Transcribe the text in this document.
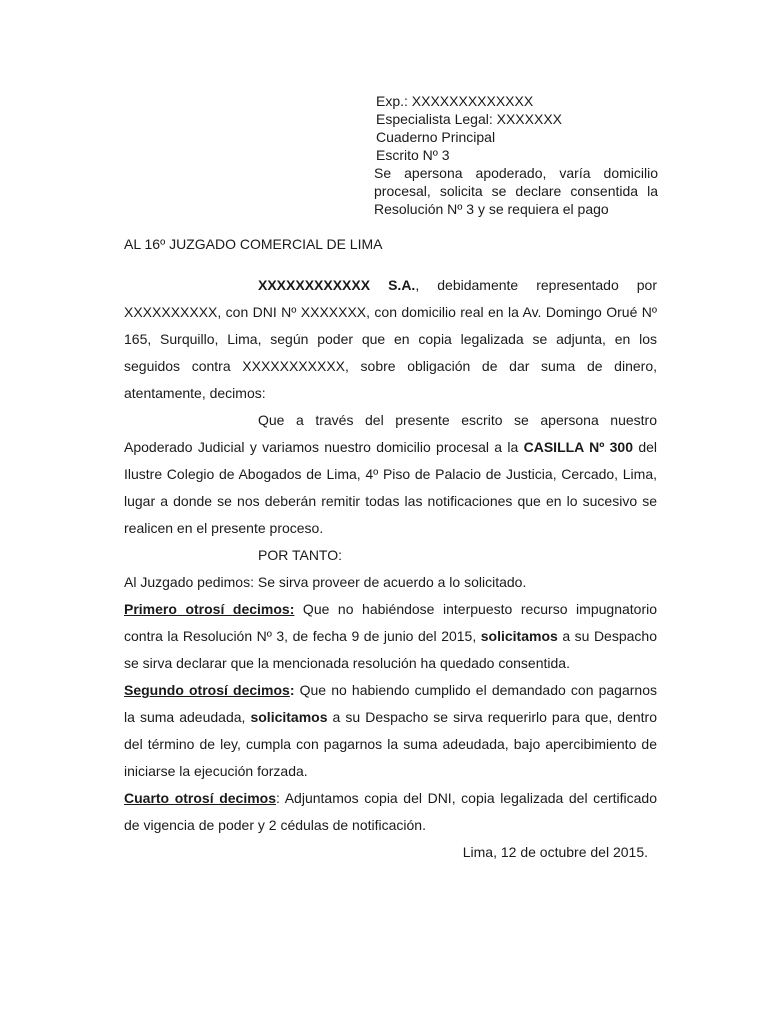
Exp.: XXXXXXXXXXXXX
Especialista Legal: XXXXXXX
Cuaderno Principal
Escrito Nº 3
Se apersona apoderado, varía domicilio procesal, solicita se declare consentida la Resolución Nº 3 y se requiera el pago
AL 16º JUZGADO COMERCIAL DE LIMA

XXXXXXXXXXXX S.A., debidamente representado por XXXXXXXXXX, con DNI Nº XXXXXXX, con domicilio real en la Av. Domingo Orué Nº 165, Surquillo, Lima, según poder que en copia legalizada se adjunta, en los seguidos contra XXXXXXXXXXX, sobre obligación de dar suma de dinero, atentamente, decimos:

Que a través del presente escrito se apersona nuestro Apoderado Judicial y variamos nuestro domicilio procesal a la CASILLA Nº 300 del Ilustre Colegio de Abogados de Lima, 4º Piso de Palacio de Justicia, Cercado, Lima, lugar a donde se nos deberán remitir todas las notificaciones que en lo sucesivo se realicen en el presente proceso.

POR TANTO:

Al Juzgado pedimos: Se sirva proveer de acuerdo a lo solicitado.

Primero otrosí decimos: Que no habiéndose interpuesto recurso impugnatorio contra la Resolución Nº 3, de fecha 9 de junio del 2015, solicitamos a su Despacho se sirva declarar que la mencionada resolución ha quedado consentida.

Segundo otrosí decimos: Que no habiendo cumplido el demandado con pagarnos la suma adeudada, solicitamos a su Despacho se sirva requerirlo para que, dentro del término de ley, cumpla con pagarnos la suma adeudada, bajo apercibimiento de iniciarse la ejecución forzada.

Cuarto otrosí decimos: Adjuntamos copia del DNI, copia legalizada del certificado de vigencia de poder y 2 cédulas de notificación.

Lima, 12 de octubre del 2015.
